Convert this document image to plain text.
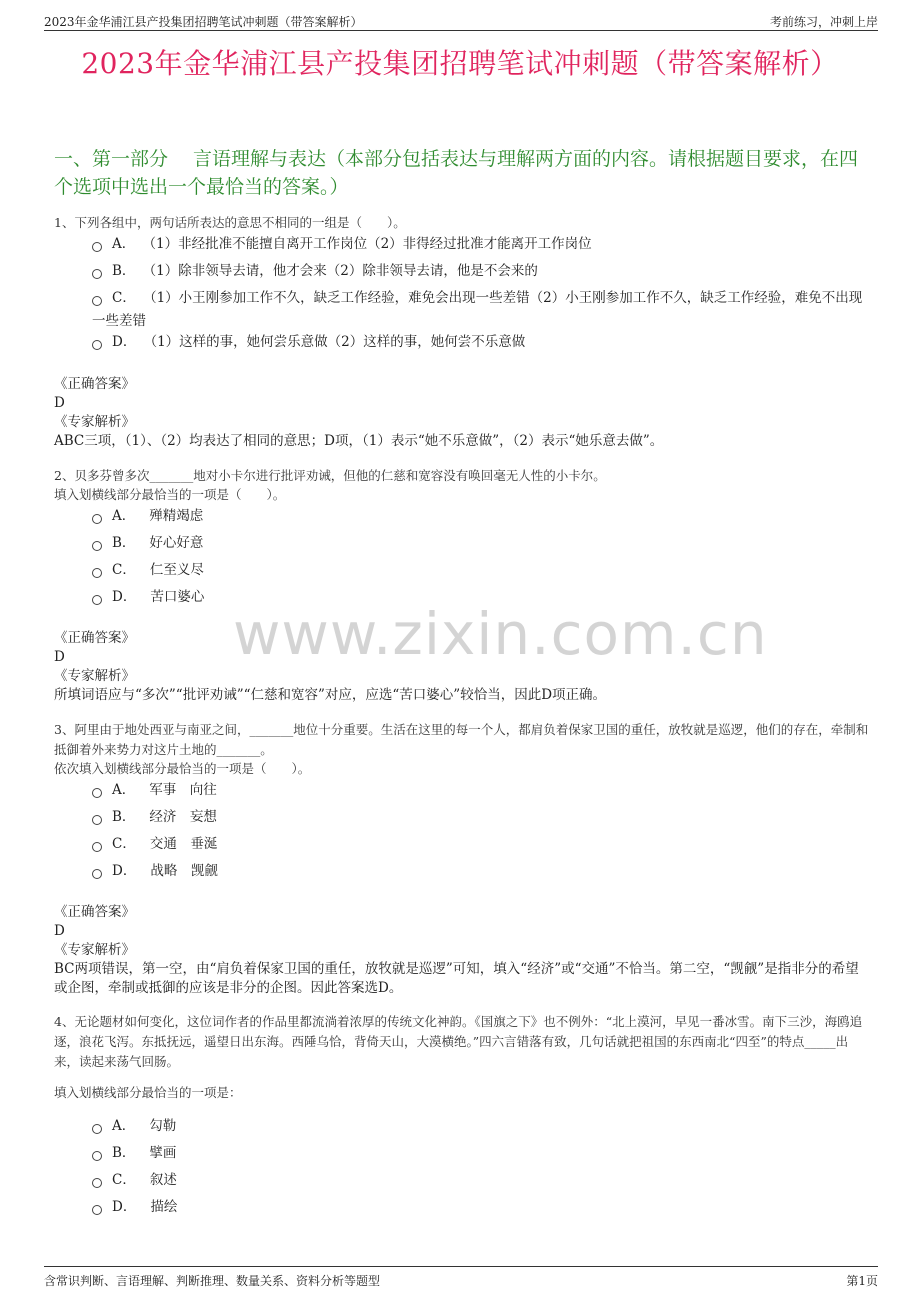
2023年金华浦江县产投集团招聘笔试冲刺题（带答案解析）	考前练习，冲刺上岸
2023年金华浦江县产投集团招聘笔试冲刺题（带答案解析）
一、第一部分　 言语理解与表达（本部分包括表达与理解两方面的内容。请根据题目要求，在四个选项中选出一个最恰当的答案。）
1、下列各组中，两句话所表达的意思不相同的一组是（　　）。
A． （1）非经批准不能擅自离开工作岗位（2）非得经过批准才能离开工作岗位
B． （1）除非领导去请，他才会来（2）除非领导去请，他是不会来的
C． （1）小王刚参加工作不久，缺乏工作经验，难免会出现一些差错（2）小王刚参加工作不久，缺乏工作经验，难免不出现一些差错
D． （1）这样的事，她何尝乐意做（2）这样的事，她何尝不乐意做
《正确答案》
D
《专家解析》
ABC三项，（1）、（2）均表达了相同的意思；D项，（1）表示“她不乐意做”，（2）表示“她乐意去做”。
2、贝多芬曾多次_______地对小卡尔进行批评劝诫，但他的仁慈和宽容没有唤回毫无人性的小卡尔。
填入划横线部分最恰当的一项是（　　）。
A． 殚精竭虑
B． 好心好意
C． 仁至义尽
D． 苦口婆心
《正确答案》
D
《专家解析》
所填词语应与“多次”“批评劝诫”“仁慈和宽容”对应，应选“苦口婆心”较恰当，因此D项正确。
3、阿里由于地处西亚与南亚之间，_______地位十分重要。生活在这里的每一个人，都肩负着保家卫国的重任，放牧就是巡逻，他们的存在，牵制和抵御着外来势力对这片土地的_______。
依次填入划横线部分最恰当的一项是（　　）。
A． 军事　向往
B． 经济　妄想
C． 交通　垂涎
D． 战略　觊觎
《正确答案》
D
《专家解析》
BC两项错误，第一空，由“肩负着保家卫国的重任，放牧就是巡逻”可知，填入“经济”或“交通”不恰当。第二空，“觊觎”是指非分的希望或企图，牵制或抵御的应该是非分的企图。因此答案选D。
4、无论题材如何变化，这位词作者的作品里都流淌着浓厚的传统文化神韵。《国旗之下》也不例外：“北上漠河，早见一番冰雪。南下三沙，海鸥追逐，浪花飞泻。东抵抚远，遥望日出东海。西陲乌恰，背倚天山，大漠横绝。”四六言错落有致，几句话就把祖国的东西南北“四至”的特点_____出来，读起来荡气回肠。
填入划横线部分最恰当的一项是：
A． 勾勒
B． 擘画
C． 叙述
D． 描绘
www.zixin.com.cn
含常识判断、言语理解、判断推理、数量关系、资料分析等题型	第1页
